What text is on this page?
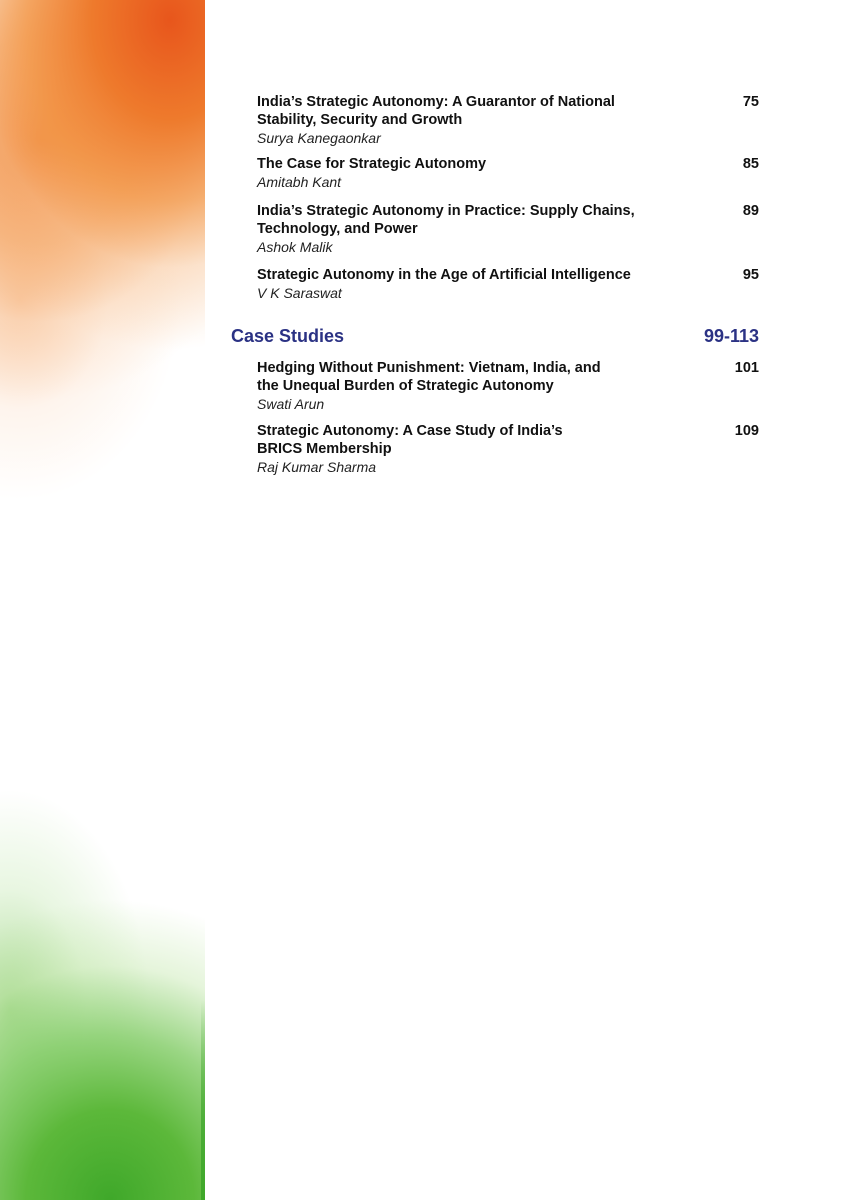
India’s Strategic Autonomy: A Guarantor of National Stability, Security and Growth
Surya Kanegaonkar
75
The Case for Strategic Autonomy
Amitabh Kant
85
India’s Strategic Autonomy in Practice: Supply Chains, Technology, and Power
Ashok Malik
89
Strategic Autonomy in the Age of Artificial Intelligence
V K Saraswat
95
Case Studies	99-113
Hedging Without Punishment: Vietnam, India, and the Unequal Burden of Strategic Autonomy
Swati Arun
101
Strategic Autonomy: A Case Study of India’s BRICS Membership
Raj Kumar Sharma
109
